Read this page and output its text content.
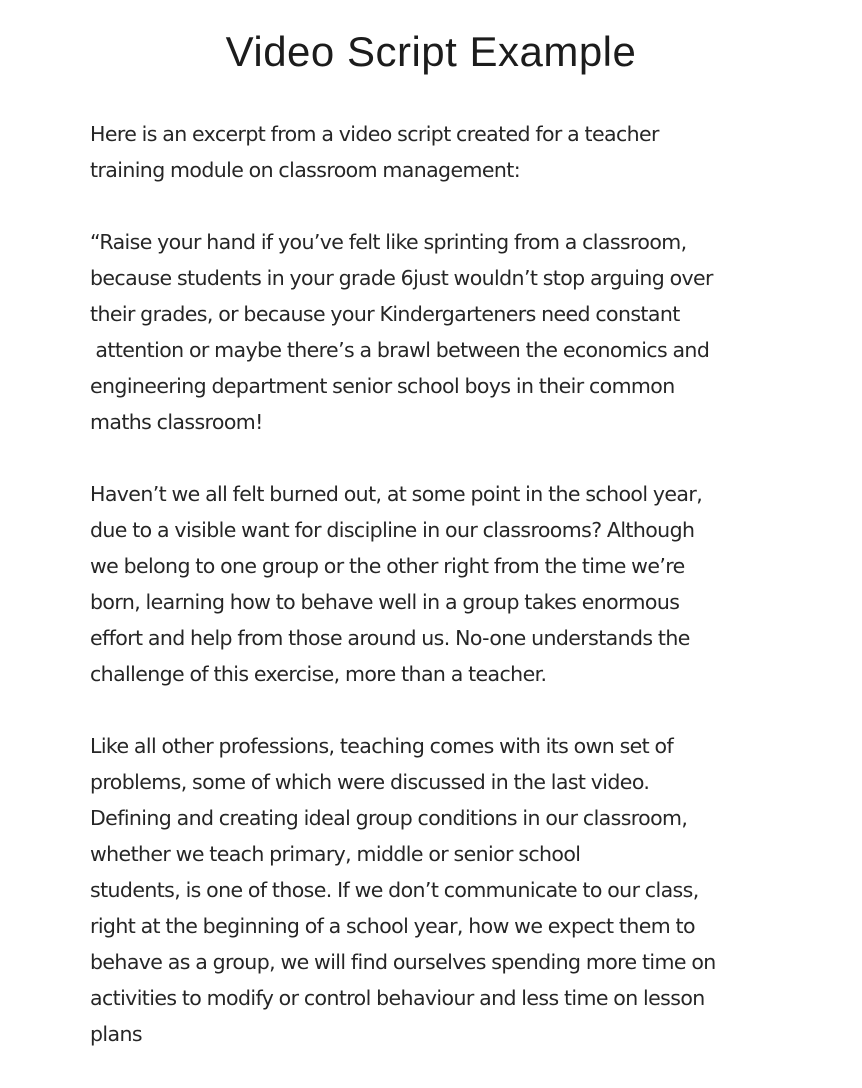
Video Script Example

Here is an excerpt from a video script created for a teacher
training module on classroom management:

“Raise your hand if you’ve felt like sprinting from a classroom,
because students in your grade 6just wouldn’t stop arguing over
their grades, or because your Kindergarteners need constant
attention or maybe there’s a brawl between the economics and
engineering department senior school boys in their common
maths classroom!

Haven’t we all felt burned out, at some point in the school year,
due to a visible want for discipline in our classrooms? Although
we belong to one group or the other right from the time we’re
born, learning how to behave well in a group takes enormous
effort and help from those around us. No-one understands the
challenge of this exercise, more than a teacher.

Like all other professions, teaching comes with its own set of
problems, some of which were discussed in the last video.
Defining and creating ideal group conditions in our classroom,
whether we teach primary, middle or senior school
students, is one of those. If we don’t communicate to our class,
right at the beginning of a school year, how we expect them to
behave as a group, we will find ourselves spending more time on
activities to modify or control behaviour and less time on lesson
plans
